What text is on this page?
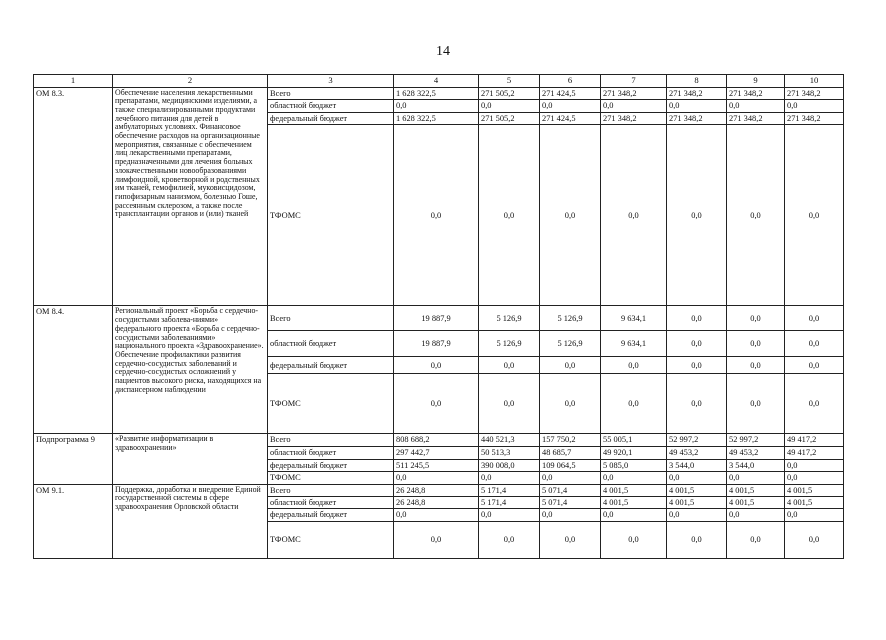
14
1	2	3	4	5	6	7	8	9	10
ОМ 8.3.	Обеспечение населения лекарственными препаратами, медицинскими изделиями, а также специализированными продуктами лечебного питания для детей в амбулаторных условиях. Финансовое обеспечение расходов на организационные мероприятия, связанные с обеспечением лиц лекарственными препаратами, предназначенными для лечения больных злокачественными новообразованиями лимфоидной, кроветворной и родственных им тканей, гемофилией, муковисцидозом, гипофизарным нанизмом, болезнью Гоше, рассеянным склерозом, а также после трансплантации органов и (или) тканей	Всего	1 628 322,5	271 505,2	271 424,5	271 348,2	271 348,2	271 348,2	271 348,2
		областной бюджет	0,0	0,0	0,0	0,0	0,0	0,0	0,0
		федеральный бюджет	1 628 322,5	271 505,2	271 424,5	271 348,2	271 348,2	271 348,2	271 348,2
		ТФОМС	0,0	0,0	0,0	0,0	0,0	0,0	0,0
ОМ 8.4.	Региональный проект «Борьба с сердечно-сосудистыми заболева-ниями» федерального проекта «Борьба с сердечно-сосудистыми заболеваниями» национального проекта «Здравоохранение». Обеспечение профилактики развития сердечно-сосудистых заболеваний и сердечно-сосудистых осложнений у пациентов высокого риска, находящихся на диспансерном наблюдении	Всего	19 887,9	5 126,9	5 126,9	9 634,1	0,0	0,0	0,0
		областной бюджет	19 887,9	5 126,9	5 126,9	9 634,1	0,0	0,0	0,0
		федеральный бюджет	0,0	0,0	0,0	0,0	0,0	0,0	0,0
		ТФОМС	0,0	0,0	0,0	0,0	0,0	0,0	0,0
Подпрограмма 9	«Развитие информатизации в здравоохранении»	Всего	808 688,2	440 521,3	157 750,2	55 005,1	52 997,2	52 997,2	49 417,2
		областной бюджет	297 442,7	50 513,3	48 685,7	49 920,1	49 453,2	49 453,2	49 417,2
		федеральный бюджет	511 245,5	390 008,0	109 064,5	5 085,0	3 544,0	3 544,0	0,0
		ТФОМС	0,0	0,0	0,0	0,0	0,0	0,0	0,0
ОМ 9.1.	Поддержка, доработка и внедрение Единой государственной системы в сфере здравоохранения Орловской области	Всего	26 248,8	5 171,4	5 071,4	4 001,5	4 001,5	4 001,5	4 001,5
		областной бюджет	26 248,8	5 171,4	5 071,4	4 001,5	4 001,5	4 001,5	4 001,5
		федеральный бюджет	0,0	0,0	0,0	0,0	0,0	0,0	0,0
		ТФОМС	0,0	0,0	0,0	0,0	0,0	0,0	0,0
